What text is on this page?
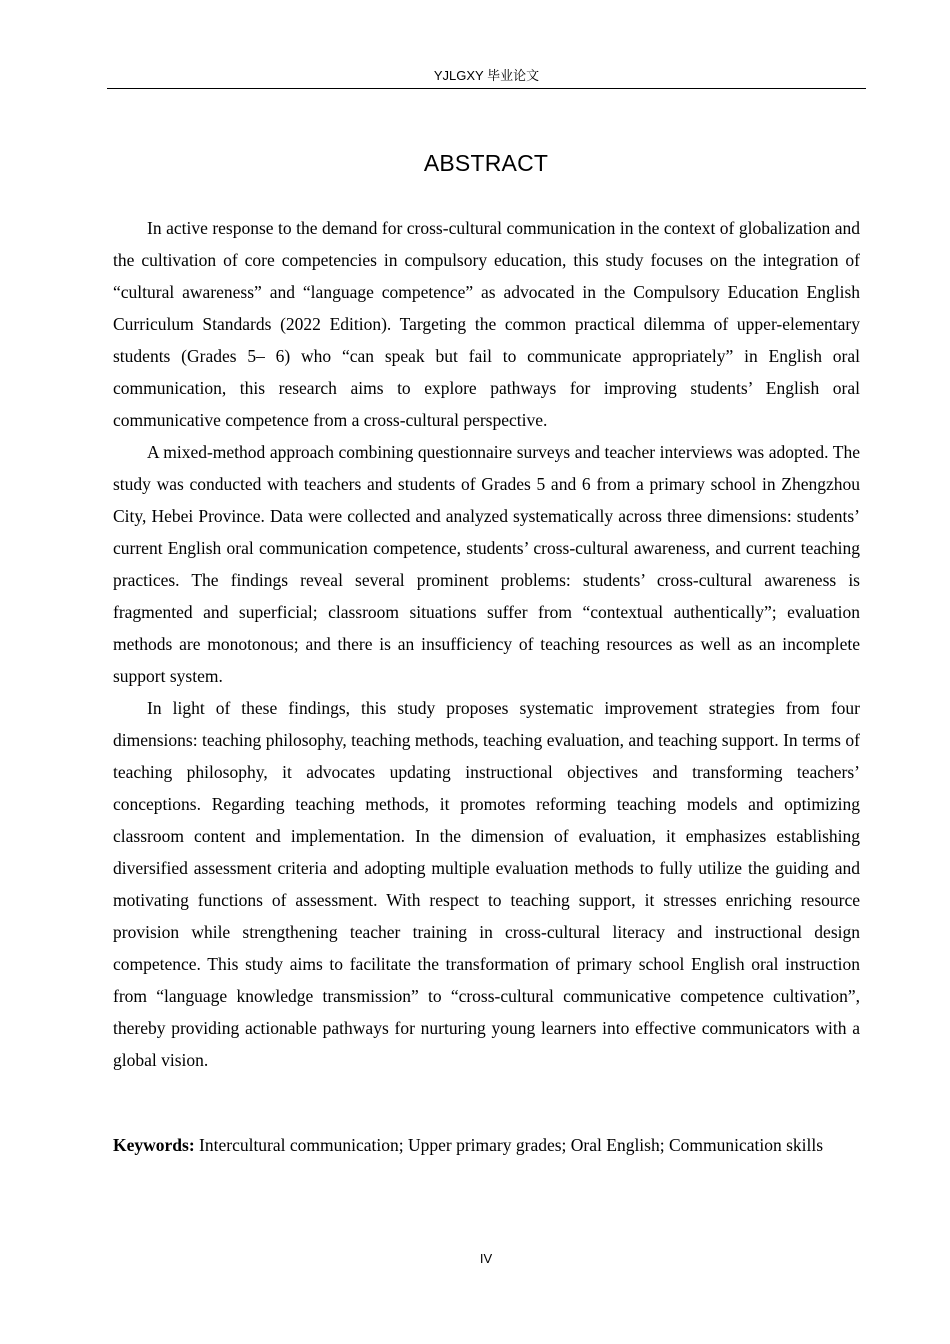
YJLGXY 毕业论文
ABSTRACT

In active response to the demand for cross-cultural communication in the context of globalization and the cultivation of core competencies in compulsory education, this study focuses on the integration of “cultural awareness” and “language competence” as advocated in the Compulsory Education English Curriculum Standards (2022 Edition). Targeting the common practical dilemma of upper-elementary students (Grades 5– 6) who “can speak but fail to communicate appropriately” in English oral communication, this research aims to explore pathways for improving students’ English oral communicative competence from a cross-cultural perspective.

A mixed-method approach combining questionnaire surveys and teacher interviews was adopted. The study was conducted with teachers and students of Grades 5 and 6 from a primary school in Zhengzhou City, Hebei Province. Data were collected and analyzed systematically across three dimensions: students’ current English oral communication competence, students’ cross-cultural awareness, and current teaching practices. The findings reveal several prominent problems: students’ cross-cultural awareness is fragmented and superficial; classroom situations suffer from “contextual authentically”; evaluation methods are monotonous; and there is an insufficiency of teaching resources as well as an incomplete support system.

In light of these findings, this study proposes systematic improvement strategies from four dimensions: teaching philosophy, teaching methods, teaching evaluation, and teaching support. In terms of teaching philosophy, it advocates updating instructional objectives and transforming teachers’ conceptions. Regarding teaching methods, it promotes reforming teaching models and optimizing classroom content and implementation. In the dimension of evaluation, it emphasizes establishing diversified assessment criteria and adopting multiple evaluation methods to fully utilize the guiding and motivating functions of assessment. With respect to teaching support, it stresses enriching resource provision while strengthening teacher training in cross-cultural literacy and instructional design competence. This study aims to facilitate the transformation of primary school English oral instruction from “language knowledge transmission” to “cross-cultural communicative competence cultivation”, thereby providing actionable pathways for nurturing young learners into effective communicators with a global vision.

Keywords: Intercultural communication; Upper primary grades; Oral English; Communication skills
IV
